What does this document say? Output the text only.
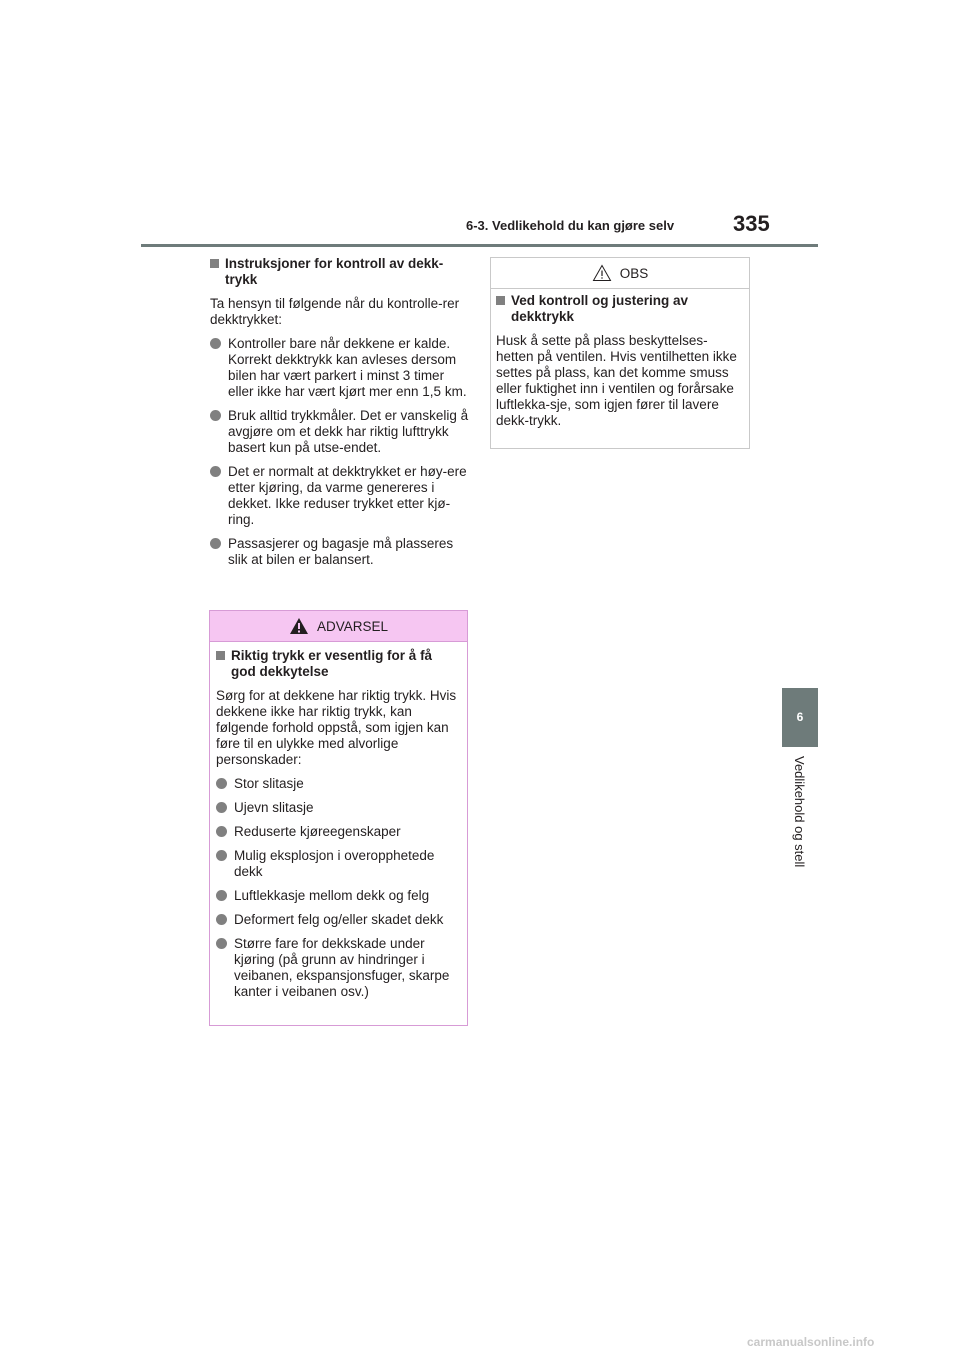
6-3. Vedlikehold du kan gjøre selv	335
6
Vedlikehold og stell
Instruksjoner for kontroll av dekk-trykk

Ta hensyn til følgende når du kontrolle-rer dekktrykket:

Kontroller bare når dekkene er kalde. Korrekt dekktrykk kan avleses dersom bilen har vært parkert i minst 3 timer eller ikke har vært kjørt mer enn 1,5 km.
Bruk alltid trykkmåler. Det er vanskelig å avgjøre om et dekk har riktig lufttrykk basert kun på utse-endet.
Det er normalt at dekktrykket er høy-ere etter kjøring, da varme genereres i dekket. Ikke reduser trykket etter kjø-ring.
Passasjerer og bagasje må plasseres slik at bilen er balansert.
ADVARSEL
Riktig trykk er vesentlig for å få god dekkytelse

Sørg for at dekkene har riktig trykk. Hvis dekkene ikke har riktig trykk, kan følgende forhold oppstå, som igjen kan føre til en ulykke med alvorlige personskader:

Stor slitasje
Ujevn slitasje
Reduserte kjøreegenskaper
Mulig eksplosjon i overopphetede dekk
Luftlekkasje mellom dekk og felg
Deformert felg og/eller skadet dekk
Større fare for dekkskade under kjøring (på grunn av hindringer i veibanen, ekspansjonsfuger, skarpe kanter i veibanen osv.)
OBS
Ved kontroll og justering av dekktrykk

Husk å sette på plass beskyttelses-hetten på ventilen. Hvis ventilhetten ikke settes på plass, kan det komme smuss eller fuktighet inn i ventilen og forårsake luftlekka-sje, som igjen fører til lavere dekk-trykk.

carmanualsonline.info
